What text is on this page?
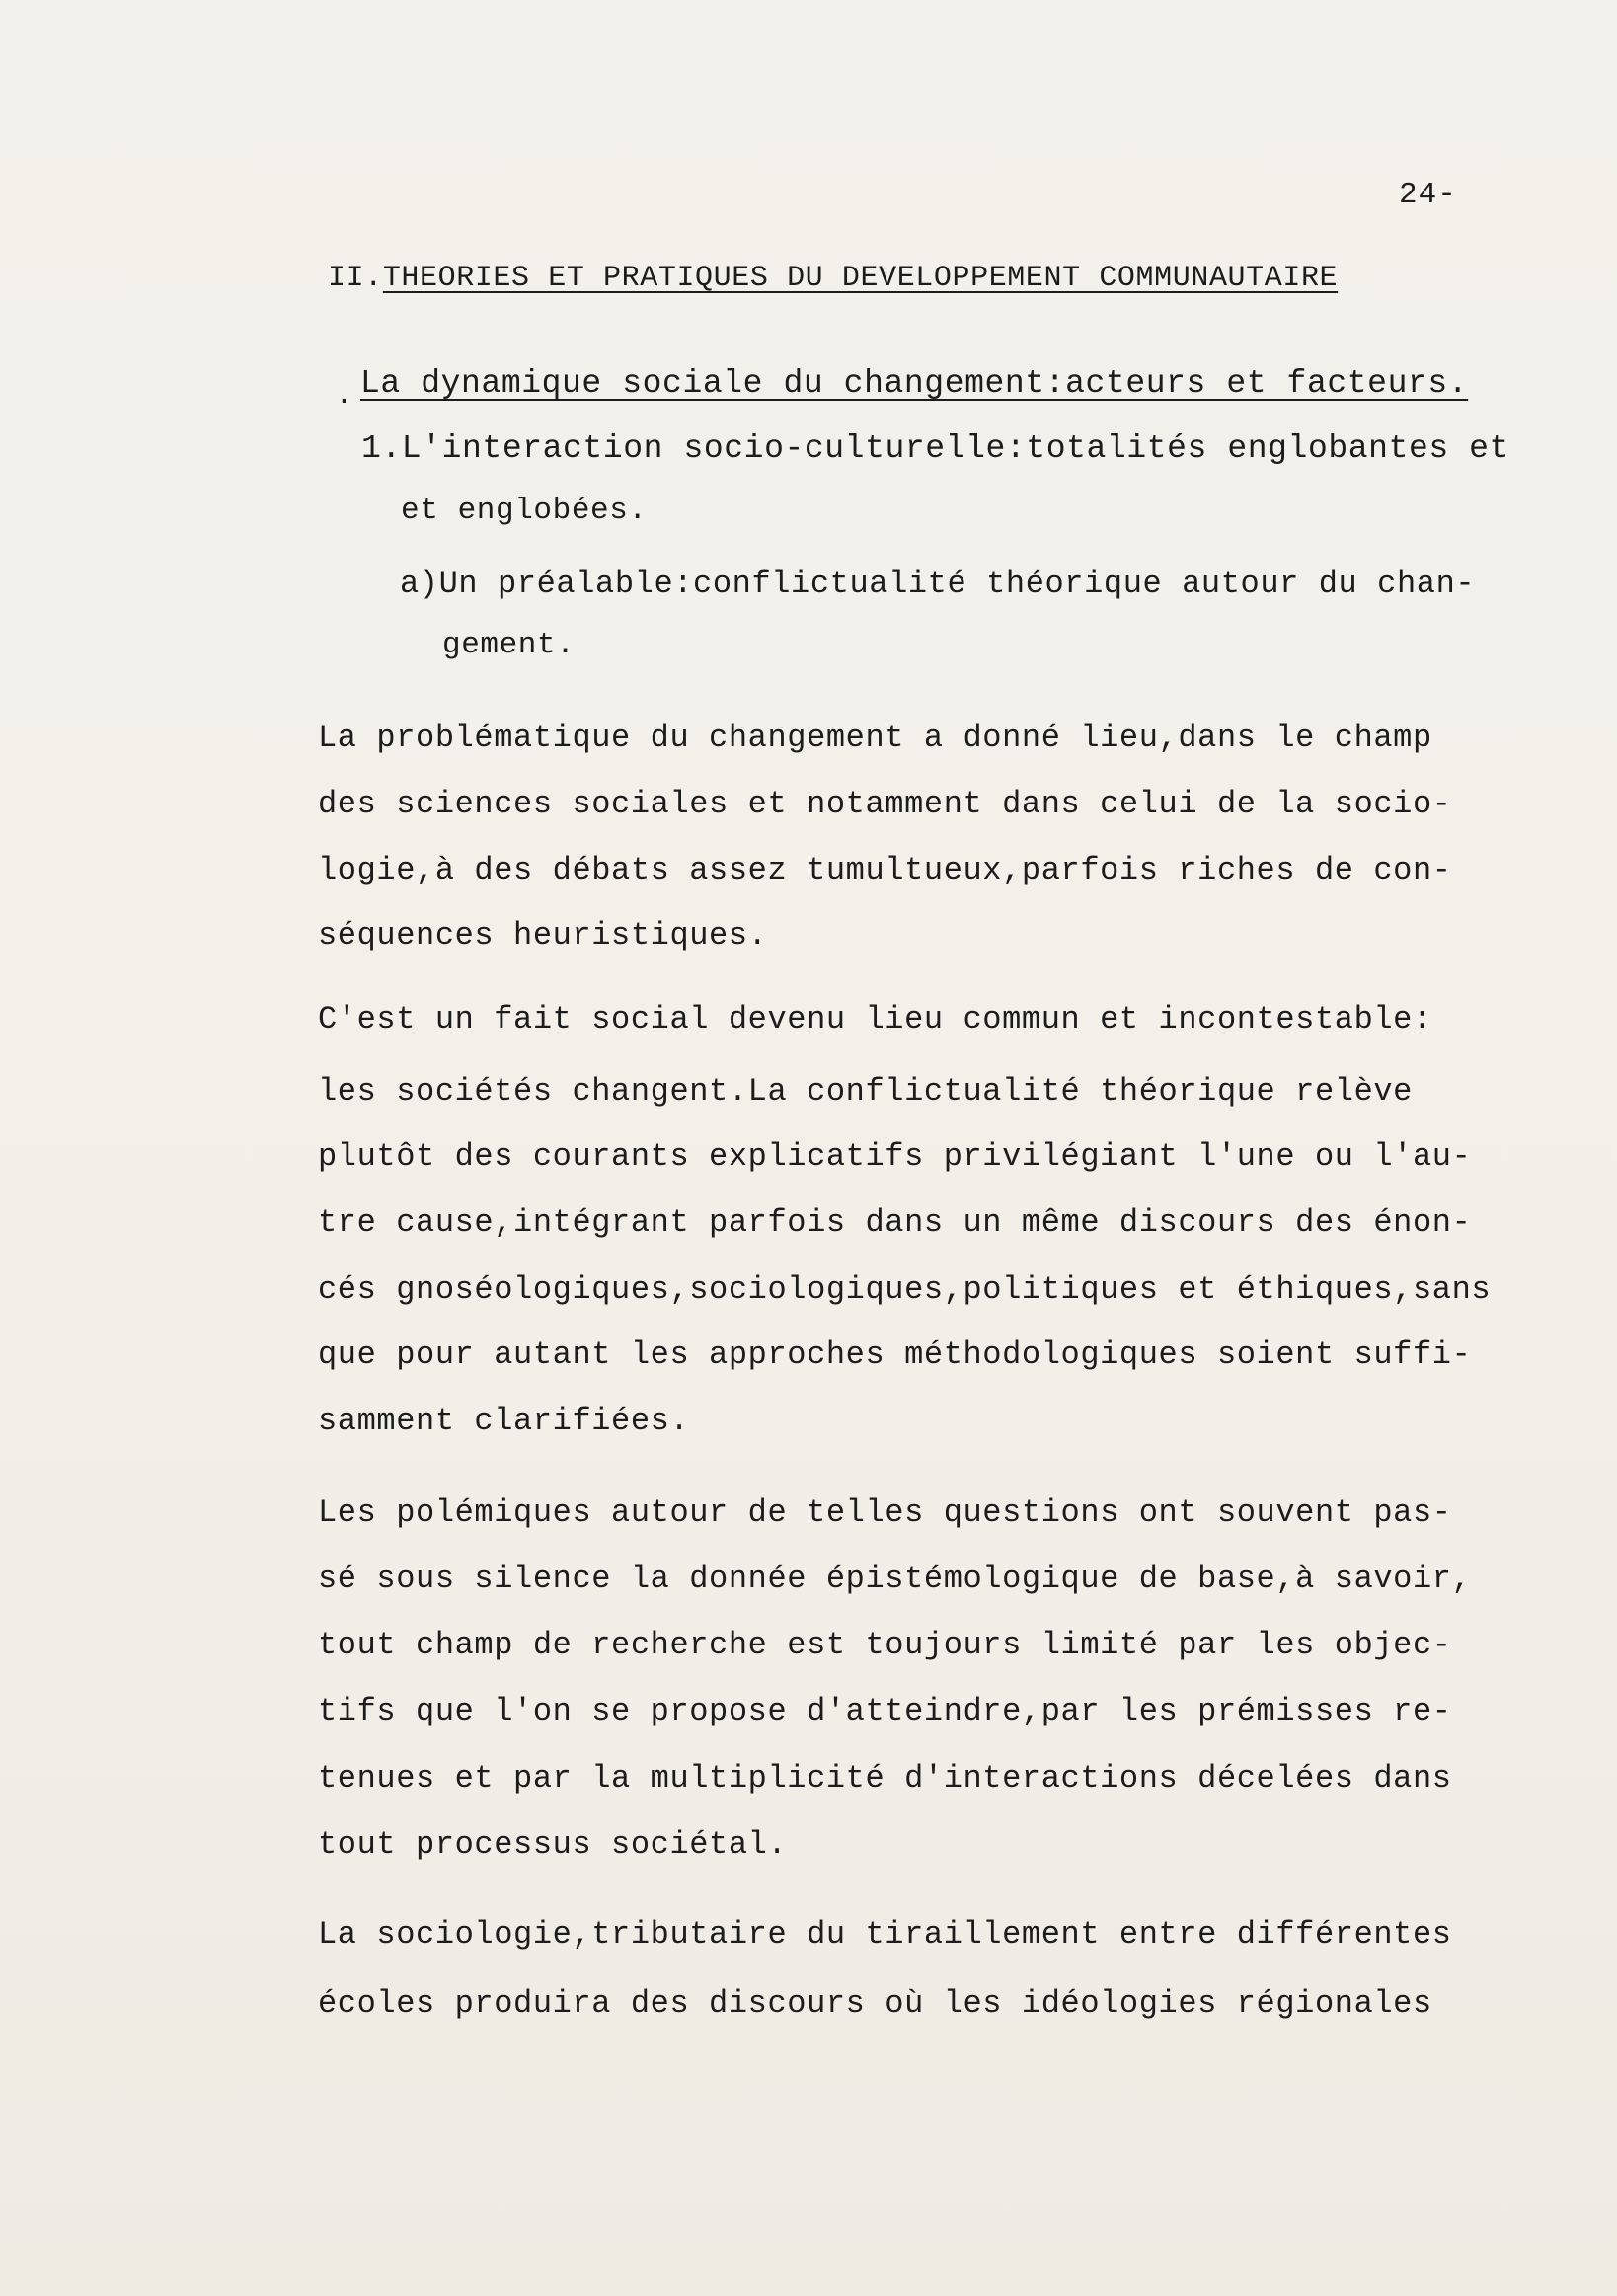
24-
II.THEORIES ET PRATIQUES DU DEVELOPPEMENT COMMUNAUTAIRE
. La dynamique sociale du changement:acteurs et facteurs.
1.L'interaction socio-culturelle:totalités englobantes et
et englobées.
a)Un préalable:conflictualité théorique autour du chan-
gement.
La problématique du changement a donné lieu,dans le champ
des sciences sociales et notamment dans celui de la socio-
logie,à des débats assez tumultueux,parfois riches de con-
séquences heuristiques.
C'est un fait social devenu lieu commun et incontestable:
les sociétés changent.La conflictualité théorique relève
plutôt des courants explicatifs privilégiant l'une ou l'au-
tre cause,intégrant parfois dans un même discours des énon-
cés gnoséologiques,sociologiques,politiques et éthiques,sans
que pour autant les approches méthodologiques soient suffi-
samment clarifiées.
Les polémiques autour de telles questions ont souvent pas-
sé sous silence la donnée épistémologique de base,à savoir,
tout champ de recherche est toujours limité par les objec-
tifs que l'on se propose d'atteindre,par les prémisses re-
tenues et par la multiplicité d'interactions décelées dans
tout processus sociétal.
La sociologie,tributaire du tiraillement entre différentes
écoles produira des discours où les idéologies régionales
